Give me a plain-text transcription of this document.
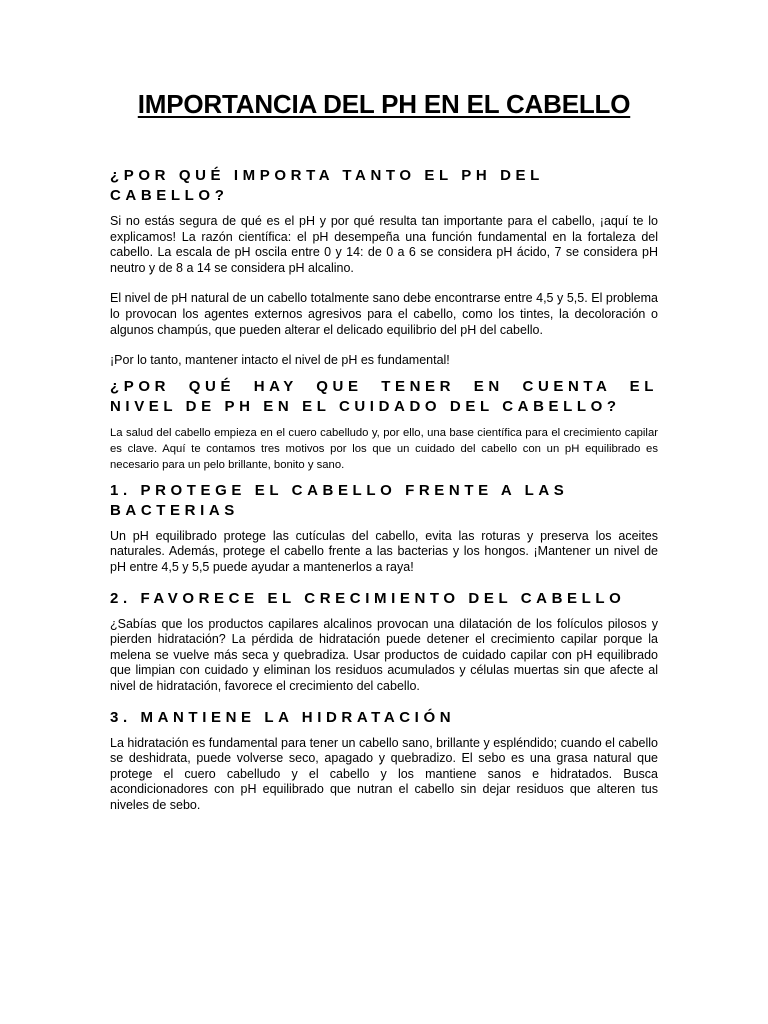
IMPORTANCIA DEL PH EN EL CABELLO
¿POR QUÉ IMPORTA TANTO EL PH DEL CABELLO?

Si no estás segura de qué es el pH y por qué resulta tan importante para el cabello, ¡aquí te lo explicamos! La razón científica: el pH desempeña una función fundamental en la fortaleza del cabello. La escala de pH oscila entre 0 y 14: de 0 a 6 se considera pH ácido, 7 se considera pH neutro y de 8 a 14 se considera pH alcalino.

El nivel de pH natural de un cabello totalmente sano debe encontrarse entre 4,5 y 5,5. El problema lo provocan los agentes externos agresivos para el cabello, como los tintes, la decoloración o algunos champús, que pueden alterar el delicado equilibrio del pH del cabello.

¡Por lo tanto, mantener intacto el nivel de pH es fundamental!

¿POR QUÉ HAY QUE TENER EN CUENTA EL NIVEL DE PH EN EL CUIDADO DEL CABELLO?

La salud del cabello empieza en el cuero cabelludo y, por ello, una base científica para el crecimiento capilar es clave. Aquí te contamos tres motivos por los que un cuidado del cabello con un pH equilibrado es necesario para un pelo brillante, bonito y sano.

1. PROTEGE EL CABELLO FRENTE A LAS BACTERIAS

Un pH equilibrado protege las cutículas del cabello, evita las roturas y preserva los aceites naturales. Además, protege el cabello frente a las bacterias y los hongos. ¡Mantener un nivel de pH entre 4,5 y 5,5 puede ayudar a mantenerlos a raya!

2. FAVORECE EL CRECIMIENTO DEL CABELLO

¿Sabías que los productos capilares alcalinos provocan una dilatación de los folículos pilosos y pierden hidratación? La pérdida de hidratación puede detener el crecimiento capilar porque la melena se vuelve más seca y quebradiza. Usar productos de cuidado capilar con pH equilibrado que limpian con cuidado y eliminan los residuos acumulados y células muertas sin que afecte al nivel de hidratación, favorece el crecimiento del cabello.

3. MANTIENE LA HIDRATACIÓN

La hidratación es fundamental para tener un cabello sano, brillante y espléndido; cuando el cabello se deshidrata, puede volverse seco, apagado y quebradizo. El sebo es una grasa natural que protege el cuero cabelludo y el cabello y los mantiene sanos e hidratados. Busca acondicionadores con pH equilibrado que nutran el cabello sin dejar residuos que alteren tus niveles de sebo.
